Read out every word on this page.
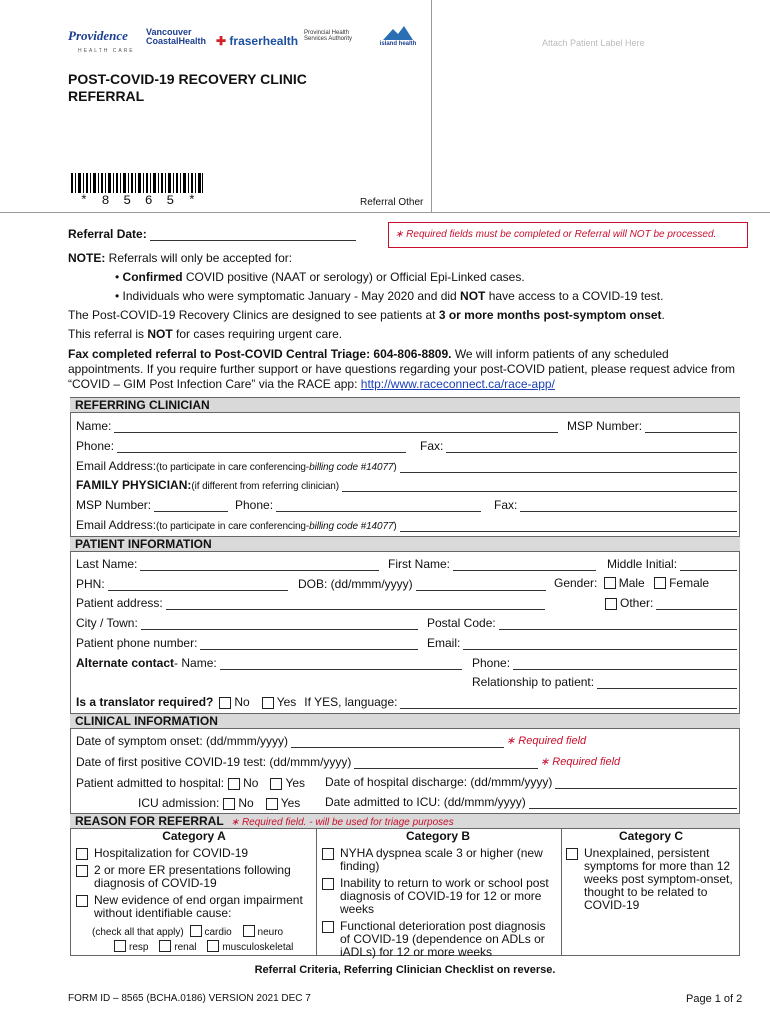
Providence
$^{HEALTH CARE}$
Vancouver CoastalHealth ✚ fraserhealth
Provincial Health Services Authority
island health	Attach Patient Label Here
POST-COVID-19 RECOVERY CLINIC REFERRAL
* 8 5 6 5 *	Referral Other
Referral Date:	∗ Required fields must be completed or Referral will NOT be processed.
NOTE: Referrals will only be accepted for:
• Confirmed COVID positive (NAAT or serology) or Official Epi-Linked cases.
• Individuals who were symptomatic January - May 2020 and did NOT have access to a COVID-19 test.
The Post-COVID-19 Recovery Clinics are designed to see patients at 3 or more months post-symptom onset.
This referral is NOT for cases requiring urgent care.
Fax completed referral to Post-COVID Central Triage: 604-806-8809. We will inform patients of any scheduled appointments. If you require further support or have questions regarding your post-COVID patient, please request advice from “COVID – GIM Post Infection Care” via the RACE app: http://www.raceconnect.ca/race-app/
REFERRING CLINICIAN
Name:	MSP Number:
Phone:	Fax:
Email Address: (to participate in care conferencing- billing code #14077 )
FAMILY PHYSICIAN: (if different from referring clinician)
MSP Number:	Phone:	Fax:
Email Address: (to participate in care conferencing- billing code #14077 )
PATIENT INFORMATION
Last Name:	First Name:	Middle Initial:
PHN:	DOB: (dd/mmm/yyyy)	Gender: Male Female
Patient address:	Other:
City / Town:	Postal Code:
Patient phone number:	Email:
Alternate contact - Name:	Phone:
Relationship to patient:
Is a translator required? No Yes If YES, language:
CLINICAL INFORMATION
Date of symptom onset: (dd/mmm/yyyy)	∗ Required field
Date of first positive COVID-19 test: (dd/mmm/yyyy)	∗ Required field
Patient admitted to hospital: No Yes Date of hospital discharge: (dd/mmm/yyyy)
ICU admission: No Yes Date admitted to ICU: (dd/mmm/yyyy)
REASON FOR REFERRAL ∗ Required field. - will be used for triage purposes
Category A
Hospitalization for COVID-19
2 or more ER presentations following diagnosis of COVID-19
New evidence of end organ impairment without identifiable cause:
(check all that apply) cardio	neuro
resp	renal	musculoskeletal
Category B
NYHA dyspnea scale 3 or higher (new finding)
Inability to return to work or school post diagnosis of COVID-19 for 12 or more weeks
Functional deterioration post diagnosis of COVID-19 (dependence on ADLs or iADLs) for 12 or more weeks
Category C
Unexplained, persistent symptoms for more than 12 weeks post symptom-onset, thought to be related to COVID-19
Referral Criteria, Referring Clinician Checklist on reverse.
FORM ID – 8565 (BCHA.0186) VERSION 2021 DEC 7	Page 1 of 2
